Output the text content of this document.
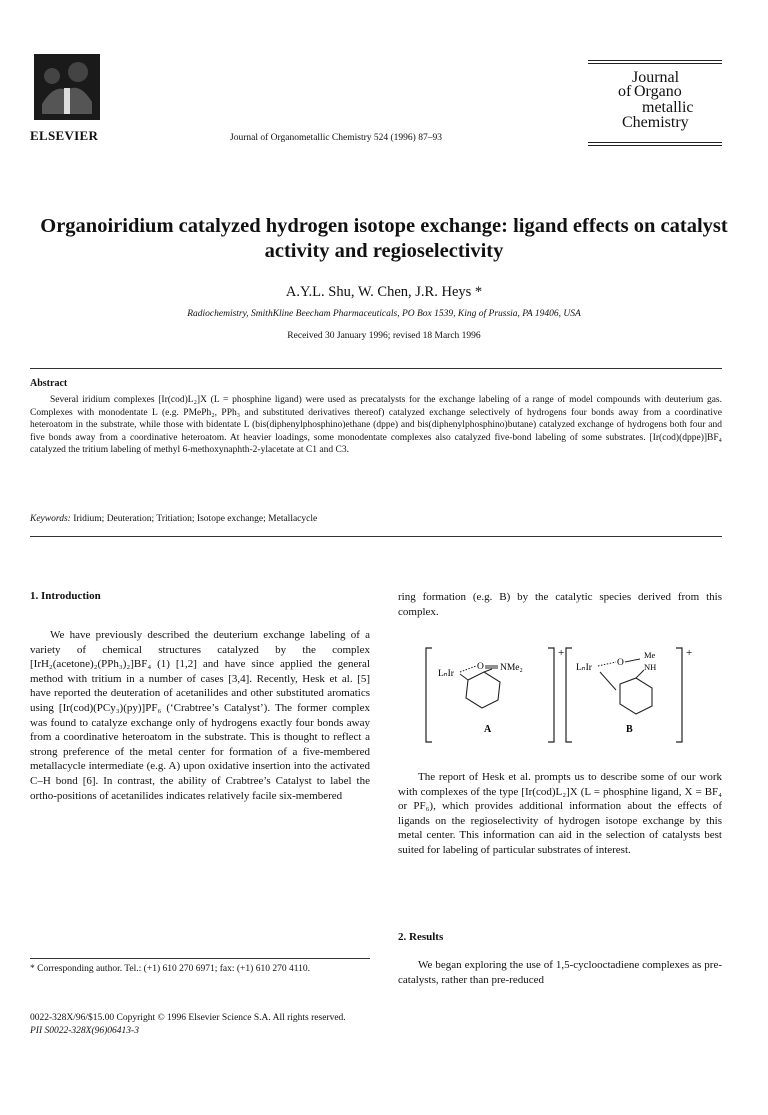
ELSEVIER	Journal of Organometallic Chemistry 524 (1996) 87–93
Journal
of Organo
metallic
Chemistry
Organoiridium catalyzed hydrogen isotope exchange: ligand effects on catalyst activity and regioselectivity
A.Y.L. Shu, W. Chen, J.R. Heys *
Radiochemistry, SmithKline Beecham Pharmaceuticals, PO Box 1539, King of Prussia, PA 19406, USA
Received 30 January 1996; revised 18 March 1996
Abstract
Several iridium complexes [Ir(cod)L₂]X (L = phosphine ligand) were used as precatalysts for the exchange labeling of a range of model compounds with deuterium gas. Complexes with monodentate L (e.g. PMePh₂, PPh₃ and substituted derivatives thereof) catalyzed exchange selectively of hydrogens four bonds away from a coordinative heteroatom in the substrate, while those with bidentate L (bis(diphenylphosphino)ethane (dppe) and bis(diphenylphosphino)butane) catalyzed exchange of hydrogens both four and five bonds away from a coordinative heteroatom. At heavier loadings, some monodentate complexes also catalyzed five-bond labeling of some substrates. [Ir(cod)(dppe)]BF₄ catalyzed the tritium labeling of methyl 6-methoxynaphth-2-ylacetate at C1 and C3.
Keywords: Iridium; Deuteration; Tritiation; Isotope exchange; Metallacycle
1. Introduction

We have previously described the deuterium exchange labeling of a variety of chemical structures catalyzed by the complex [IrH₂(acetone)₂(PPh₃)₂]BF₄ (1) [1,2] and have since applied the general method with tritium in a number of cases [3,4]. Recently, Hesk et al. [5] have reported the deuteration of acetanilides and other substituted aromatics using [Ir(cod)(PCy₃)(py)]PF₆ (‘Crabtree’s Catalyst’). The former complex was found to catalyze exchange only of hydrogens exactly four bonds away from a coordinative heteroatom in the substrate. This is thought to reflect a strong preference of the metal center for formation of a five-membered metallacycle intermediate (e.g. A) upon oxidative insertion into the activated C–H bond [6]. In contrast, the ability of Crabtree’s Catalyst to label the ortho-positions of acetanilides indicates relatively facile six-membered

ring formation (e.g. B) by the catalytic species derived from this complex.

+
LₙIr
O NMe₂
A
+
LₙIr	O
Me
NH
B

The report of Hesk et al. prompts us to describe some of our work with complexes of the type [Ir(cod)L₂]X (L = phosphine ligand, X = BF₄ or PF₆), which provides additional information about the effects of ligands on the regioselectivity of hydrogen isotope exchange by this metal center. This information can aid in the selection of catalysts best suited for labeling of particular substrates of interest.

2. Results

We began exploring the use of 1,5-cyclooctadiene complexes as pre-catalysts, rather than pre-reduced

* Corresponding author. Tel.: (+1) 610 270 6971; fax: (+1) 610 270 4110.
0022-328X/96/$15.00 Copyright © 1996 Elsevier Science S.A. All rights reserved.
PII S0022-328X(96)06413-3
